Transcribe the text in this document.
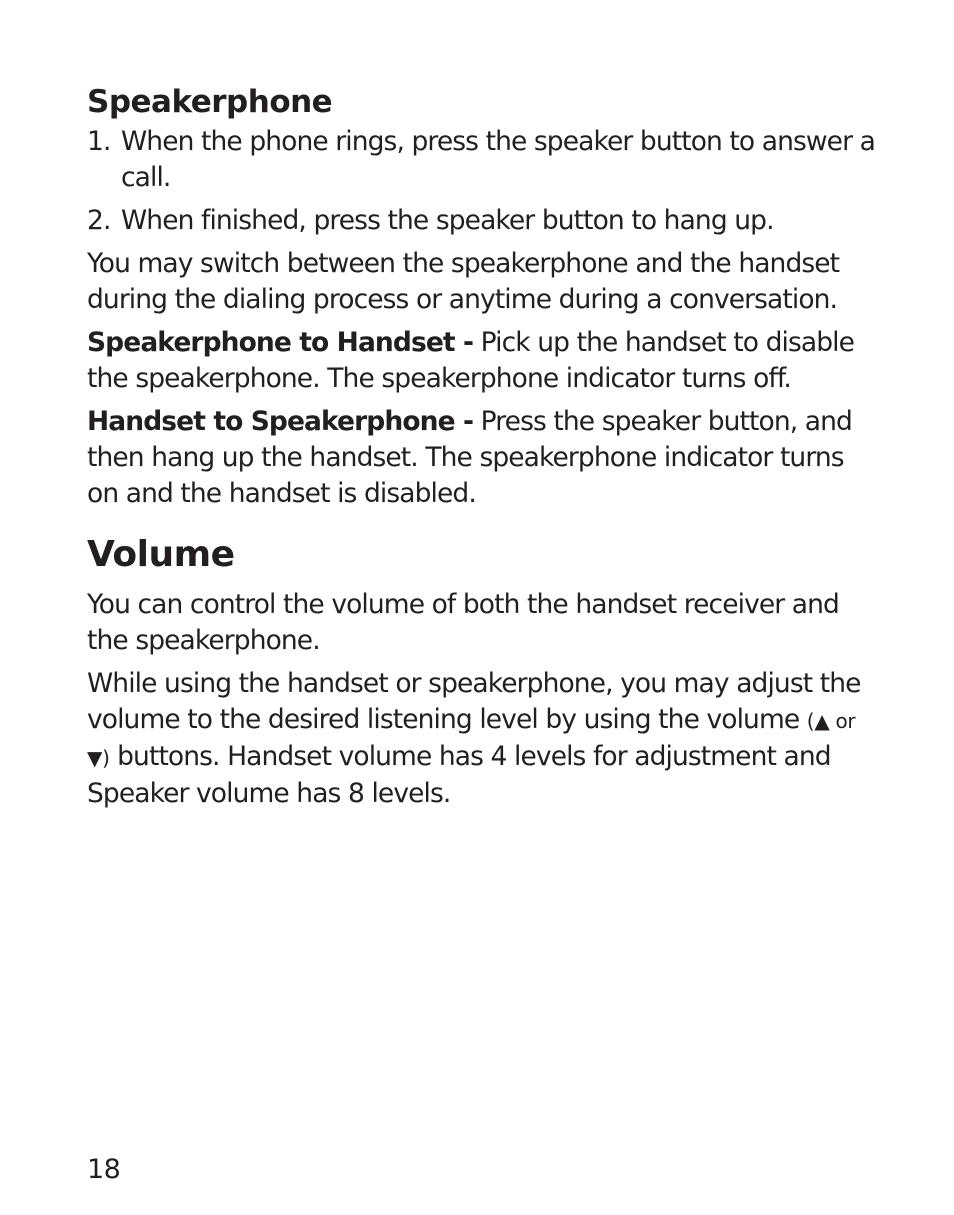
Speakerphone
1. When the phone rings, press the speaker button to answer a call.
2. When finished, press the speaker button to hang up.

You may switch between the speakerphone and the handset during the dialing process or anytime during a conversation.

Speakerphone to Handset - Pick up the handset to disable the speakerphone. The speakerphone indicator turns off.

Handset to Speakerphone - Press the speaker button, and then hang up the handset. The speakerphone indicator turns on and the handset is disabled.

Volume

You can control the volume of both the handset receiver and the speakerphone.

While using the handset or speakerphone, you may adjust the volume to the desired listening level by using the volume (▲ or ▼) buttons. Handset volume has 4 levels for adjustment and Speaker volume has 8 levels.

18
